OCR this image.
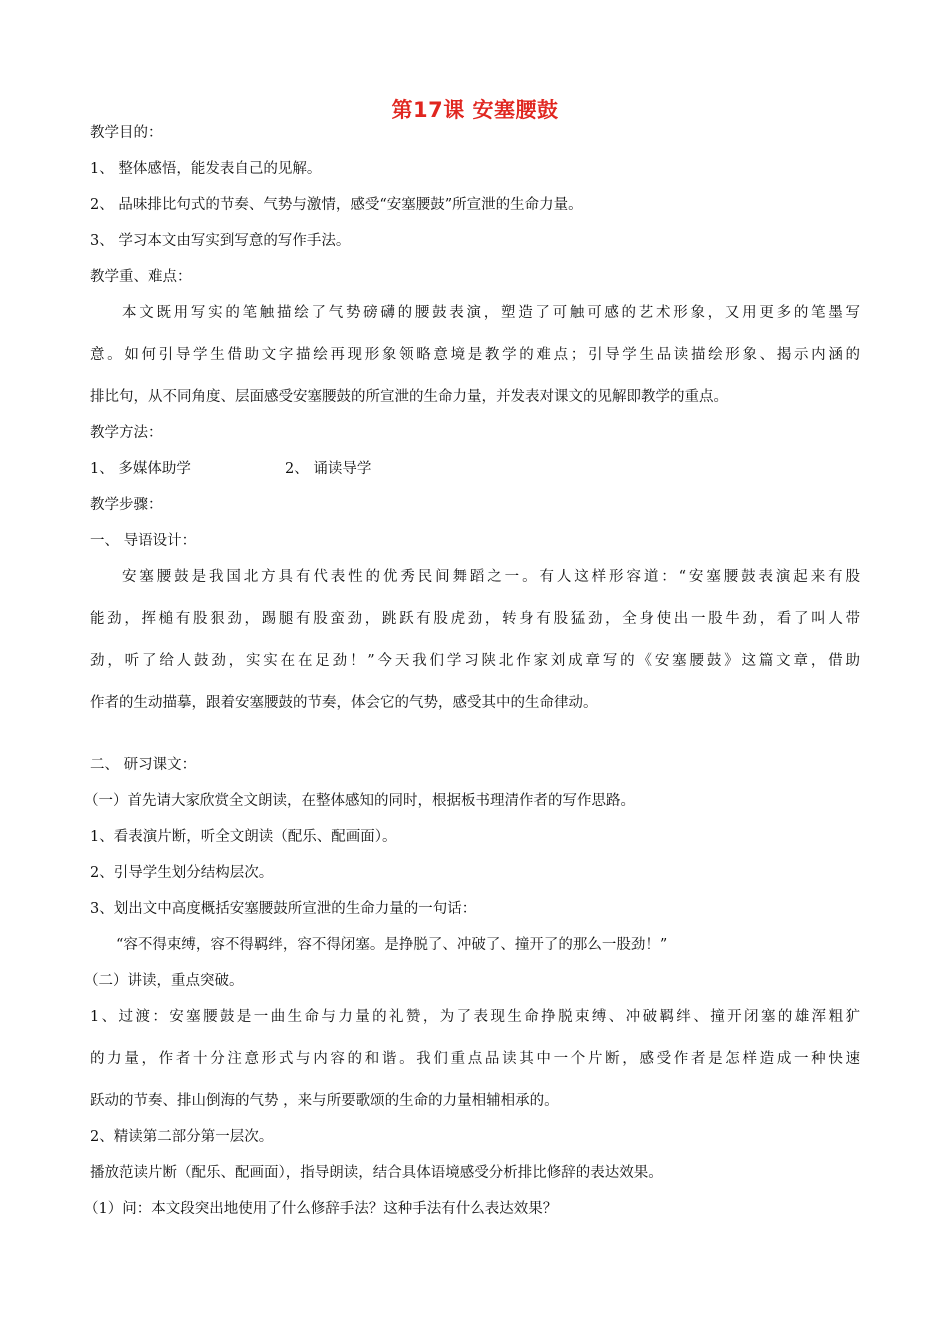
第17课 安塞腰鼓
教学目的：
1、 整体感悟，能发表自己的见解。
2、 品味排比句式的节奏、气势与激情，感受“安塞腰鼓”所宣泄的生命力量。
3、 学习本文由写实到写意的写作手法。
教学重、难点：
本文既用写实的笔触描绘了气势磅礴的腰鼓表演，塑造了可触可感的艺术形象，又用更多的笔墨写
意。如何引导学生借助文字描绘再现形象领略意境是教学的难点；引导学生品读描绘形象、揭示内涵的
排比句，从不同角度、层面感受安塞腰鼓的所宣泄的生命力量，并发表对课文的见解即教学的重点。
教学方法：
1、 多媒体助学	2、 诵读导学
教学步骤：
一、 导语设计：
安塞腰鼓是我国北方具有代表性的优秀民间舞蹈之一。有人这样形容道：“安塞腰鼓表演起来有股
能劲，挥槌有股狠劲，踢腿有股蛮劲，跳跃有股虎劲，转身有股猛劲，全身使出一股牛劲，看了叫人带
劲，听了给人鼓劲，实实在在足劲！”今天我们学习陕北作家刘成章写的《安塞腰鼓》这篇文章，借助
作者的生动描摹，跟着安塞腰鼓的节奏，体会它的气势，感受其中的生命律动。
二、 研习课文：
（一）首先请大家欣赏全文朗读，在整体感知的同时，根据板书理清作者的写作思路。
1、看表演片断，听全文朗读（配乐、配画面）。
2、引导学生划分结构层次。
3、划出文中高度概括安塞腰鼓所宣泄的生命力量的一句话：
“容不得束缚，容不得羁绊，容不得闭塞。是挣脱了、冲破了、撞开了的那么一股劲！”
（二）讲读，重点突破。
1、过渡：安塞腰鼓是一曲生命与力量的礼赞，为了表现生命挣脱束缚、冲破羁绊、撞开闭塞的雄浑粗犷
的力量，作者十分注意形式与内容的和谐。我们重点品读其中一个片断，感受作者是怎样造成一种快速
跃动的节奏、排山倒海的气势 ，来与所要歌颂的生命的力量相辅相承的。
2、精读第二部分第一层次。
播放范读片断（配乐、配画面），指导朗读，结合具体语境感受分析排比修辞的表达效果。
（1）问：本文段突出地使用了什么修辞手法？这种手法有什么表达效果？
